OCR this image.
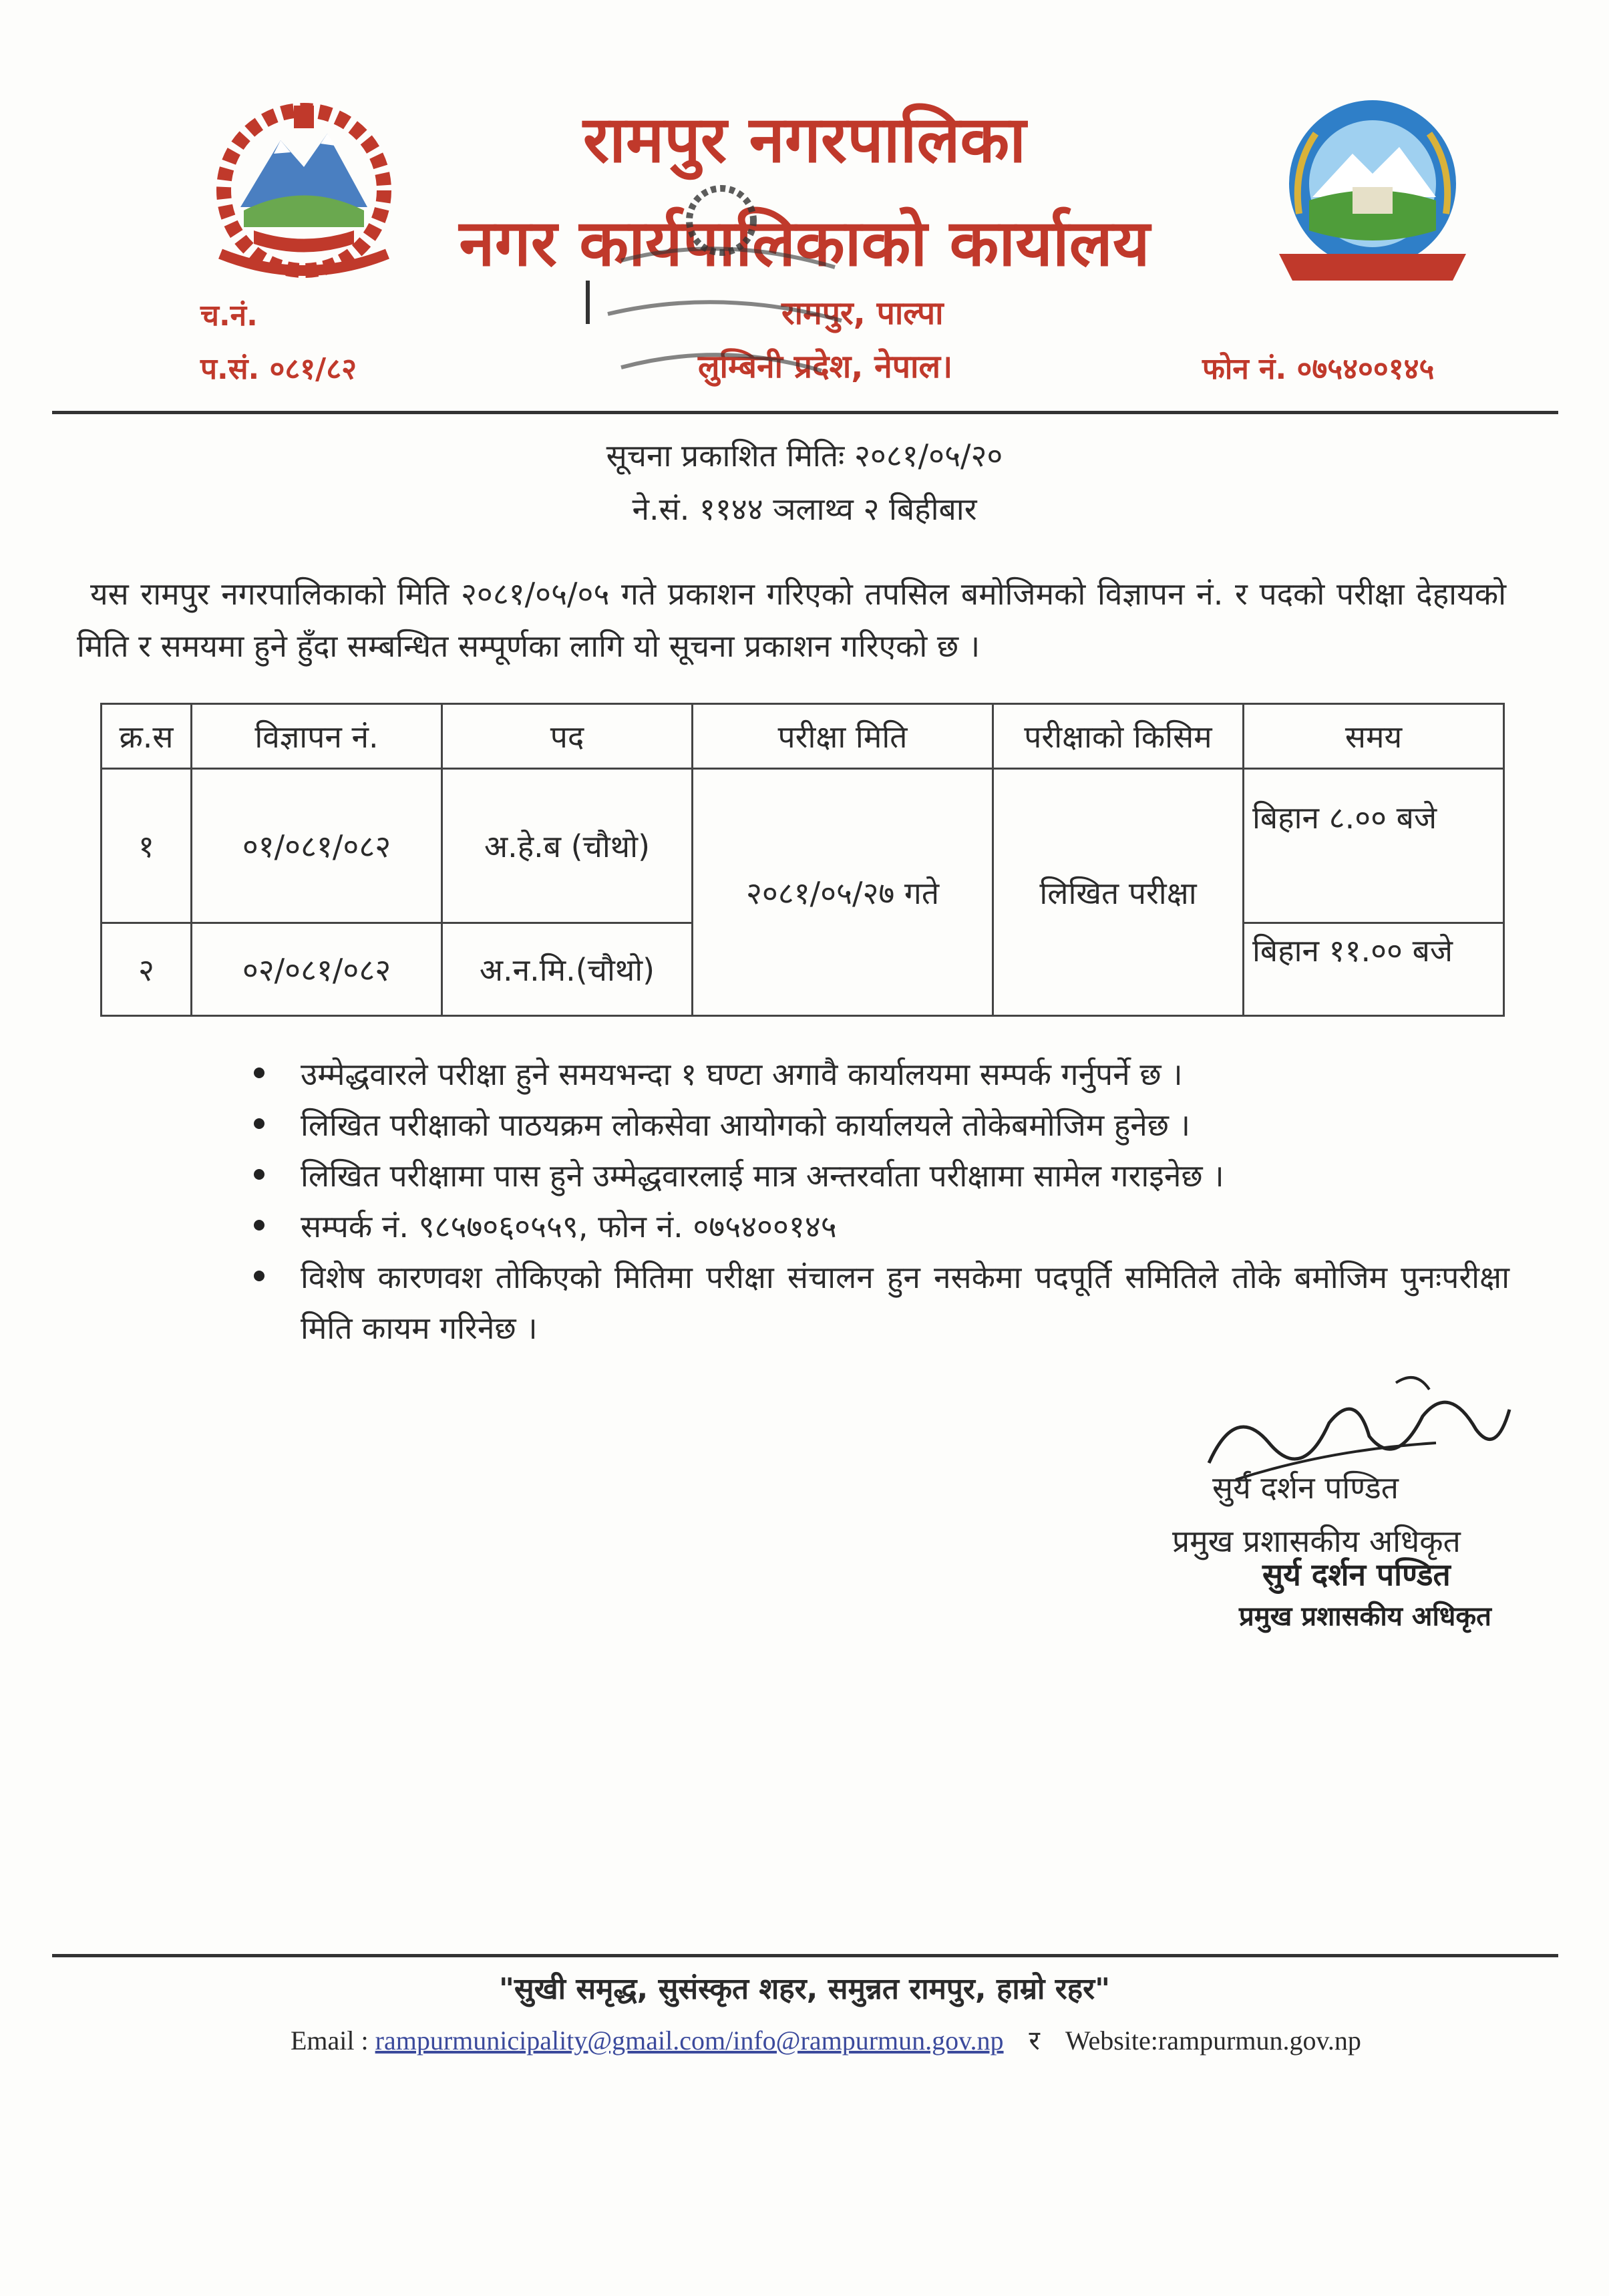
रामपुर नगरपालिका
नगर कार्यपालिकाको कार्यालय
रामपुर, पाल्पा
लुम्बिनी प्रदेश, नेपाल।
च.नं.
प.सं. ०८१/८२	फोन नं. ०७५४००१४५
सूचना प्रकाशित मितिः २०८१/०५/२०
ने.सं. ११४४ ञलाथ्व २ बिहीबार
यस रामपुर नगरपालिकाको मिति २०८१/०५/०५ गते प्रकाशन गरिएको तपसिल बमोजिमको विज्ञापन नं. र पदको परीक्षा देहायको मिति र समयमा हुने हुँदा सम्बन्धित सम्पूर्णका लागि यो सूचना प्रकाशन गरिएको छ ।
क्र.स	विज्ञापन नं.	पद	परीक्षा मिति	परीक्षाको किसिम	समय
१	०१/०८१/०८२	अ.हे.ब (चौथो)	२०८१/०५/२७ गते	लिखित परीक्षा	बिहान ८.०० बजे
२	०२/०८१/०८२	अ.न.मि.(चौथो)			बिहान ११.०० बजे
उम्मेद्धवारले परीक्षा हुने समयभन्दा १ घण्टा अगावै कार्यालयमा सम्पर्क गर्नुपर्ने छ ।
लिखित परीक्षाको पाठयक्रम लोकसेवा आयोगको कार्यालयले तोकेबमोजिम हुनेछ ।
लिखित परीक्षामा पास हुने उम्मेद्धवारलाई मात्र अन्तरर्वाता परीक्षामा सामेल गराइनेछ ।
सम्पर्क नं. ९८५७०६०५५९, फोन नं. ०७५४००१४५
विशेष कारणवश तोकिएको मितिमा परीक्षा संचालन हुन नसकेमा पदपूर्ति समितिले तोके बमोजिम पुनःपरीक्षा मिति कायम गरिनेछ ।
सुर्य दर्शन पण्डित
प्रमुख प्रशासकीय अधिकृत
सुर्य दर्शन पण्डित
प्रमुख प्रशासकीय अधिकृत
"सुखी समृद्ध, सुसंस्कृत शहर, समुन्नत रामपुर, हाम्रो रहर"
Email : rampurmunicipality@gmail.com/info@rampurmun.gov.np र Website:rampurmun.gov.np
